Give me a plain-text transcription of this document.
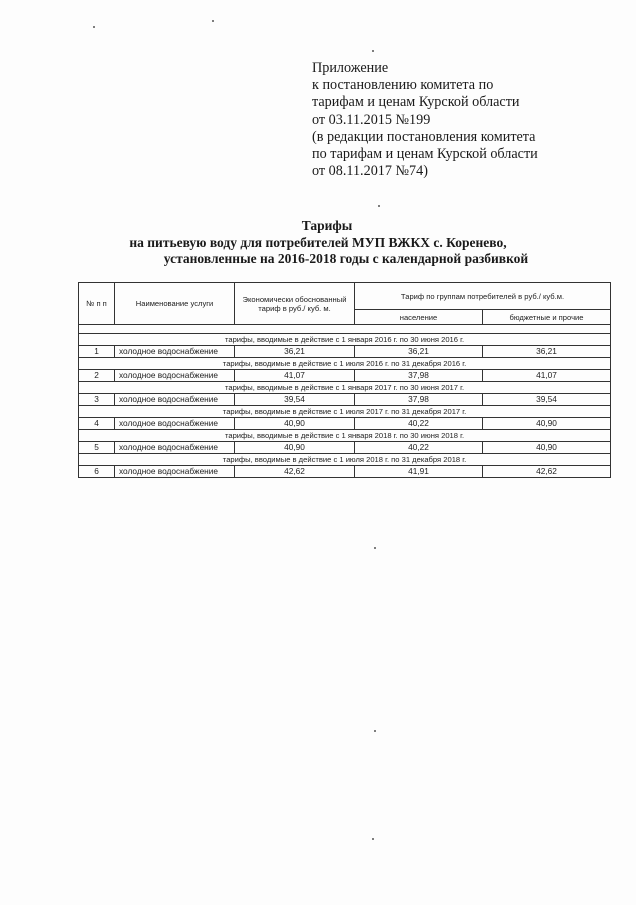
Приложение
к постановлению комитета по
тарифам и ценам Курской области
от 03.11.2015 №199
(в редакции постановления комитета
по тарифам и ценам Курской области
от 08.11.2017 №74)
Тарифы
на питьевую воду для потребителей МУП ВЖКХ с. Коренево,
установленные на 2016-2018 годы с календарной разбивкой
№ п п	Наименование услуги	Экономически обоснованный тариф в руб./ куб. м.	Тариф по группам потребителей в руб./ куб.м.	
			население	бюджетные и прочие

тарифы, вводимые в действие с 1 января 2016 г. по 30 июня 2016 г.				
1	холодное водоснабжение	36,21	36,21	36,21
тарифы, вводимые в действие с 1 июля 2016 г. по 31 декабря 2016 г.				
2	холодное водоснабжение	41,07	37,98	41,07
тарифы, вводимые в действие с 1 января 2017 г. по 30 июня 2017 г.				
3	холодное водоснабжение	39,54	37,98	39,54
тарифы, вводимые в действие с 1 июля 2017 г. по 31 декабря 2017 г.				
4	холодное водоснабжение	40,90	40,22	40,90
тарифы, вводимые в действие с 1 января 2018 г. по 30 июня 2018 г.				
5	холодное водоснабжение	40,90	40,22	40,90
тарифы, вводимые в действие с 1 июля 2018 г. по 31 декабря 2018 г.				
6	холодное водоснабжение	42,62	41,91	42,62
